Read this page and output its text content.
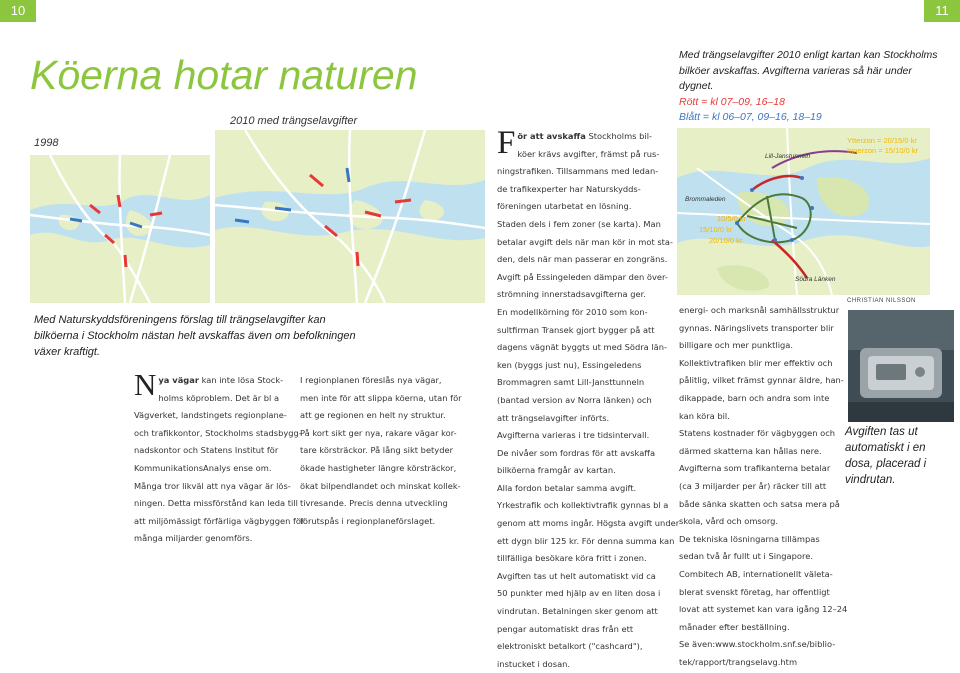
10	11
Köerna hotar naturen
1998
2010 med trängselavgifter
Med Naturskyddsföreningens förslag till trängselavgifter kan bilköerna i Stockholm nästan helt avskaffas även om befolkningen växer kraftigt.
N ya vägar kan inte lösa Stock-

holms köproblem. Det är bl a

Vägverket, landstingets regionplane-

och trafikkontor, Stockholms stadsbygg-

nadskontor och Statens Institut för

KommunikationsAnalys ense om.

Många tror likväl att nya vägar är lös-

ningen. Detta missförstånd kan leda till

att miljömässigt förfärliga vägbyggen för

många miljarder genomförs.

I regionplanen föreslås nya vägar,

men inte för att slippa köerna, utan för

att ge regionen en helt ny struktur.

På kort sikt ger nya, rakare vägar kor-

tare körsträckor. På lång sikt betyder

ökade hastigheter längre körsträckor,

ökat bilpendlandet och minskat kollek-

tivresande. Precis denna utveckling

förutspås i regionplaneförslaget.

F ör att avskaffa Stockholms bil-

köer krävs avgifter, främst på rus-

ningstrafiken. Tillsammans med ledan-

de trafikexperter har Naturskydds-

föreningen utarbetat en lösning.

Staden dels i fem zoner (se karta). Man

betalar avgift dels när man kör in mot sta-

den, dels när man passerar en zongräns.

Avgift på Essingeleden dämpar den över-

strömning innerstadsavgifterna ger.

En modellkörning för 2010 som kon-

sultfirman Transek gjort bygger på att

dagens vägnät byggts ut med Södra län-

ken (byggs just nu), Essingeledens

Brommagren samt Lill-Jansttunneln

(bantad version av Norra länken) och

att trängselavgifter införts.

Avgifterna varieras i tre tidsintervall.

De nivåer som fordras för att avskaffa

bilköerna framgår av kartan.

Alla fordon betalar samma avgift.

Yrkestrafik och kollektivtrafik gynnas bl a

genom att moms ingår. Högsta avgift under

ett dygn blir 125 kr. För denna summa kan

tillfälliga besökare köra fritt i zonen.

Avgiften tas ut helt automatiskt vid ca

50 punkter med hjälp av en liten dosa i

vindrutan. Betalningen sker genom att

pengar automatiskt dras från ett

elektroniskt betalkort ("cashcard"),

instucket i dosan.

Med trängselavgifter 2010 enligt kartan kan Stockholms
bilköer avskaffas. Avgifterna varieras så här under dygnet.
Rött = kl 07–09, 16–18
Blått = kl 06–07, 09–16, 18–19
Ytterzon = 20/15/0 kr
Innerzon = 15/10/0 kr
Lill-Janstunneln
Brommaleden
10/5/0 kr
15/10/0 kr
20/10/0 kr
Södra Länken

energi- och marksnål samhällsstruktur

gynnas. Näringslivets transporter blir

billigare och mer punktliga.

Kollektivtrafiken blir mer effektiv och

pålitlig, vilket främst gynnar äldre, han-

dikappade, barn och andra som inte

kan köra bil.

Statens kostnader för vägbyggen och

därmed skatterna kan hållas nere.

Avgifterna som trafikanterna betalar

(ca 3 miljarder per år) räcker till att

både sänka skatten och satsa mera på

skola, vård och omsorg.

De tekniska lösningarna tillämpas

sedan två år fullt ut i Singapore.

Combitech AB, internationellt väleta-

blerat svenskt företag, har offentligt

lovat att systemet kan vara igång 12–24

månader efter beställning.

Se även:www.stockholm.snf.se/biblio-

tek/rapport/trangselavg.htm

CHRISTIAN NILSSON
Avgiften tas ut automatiskt i en dosa, placerad i vindrutan.
